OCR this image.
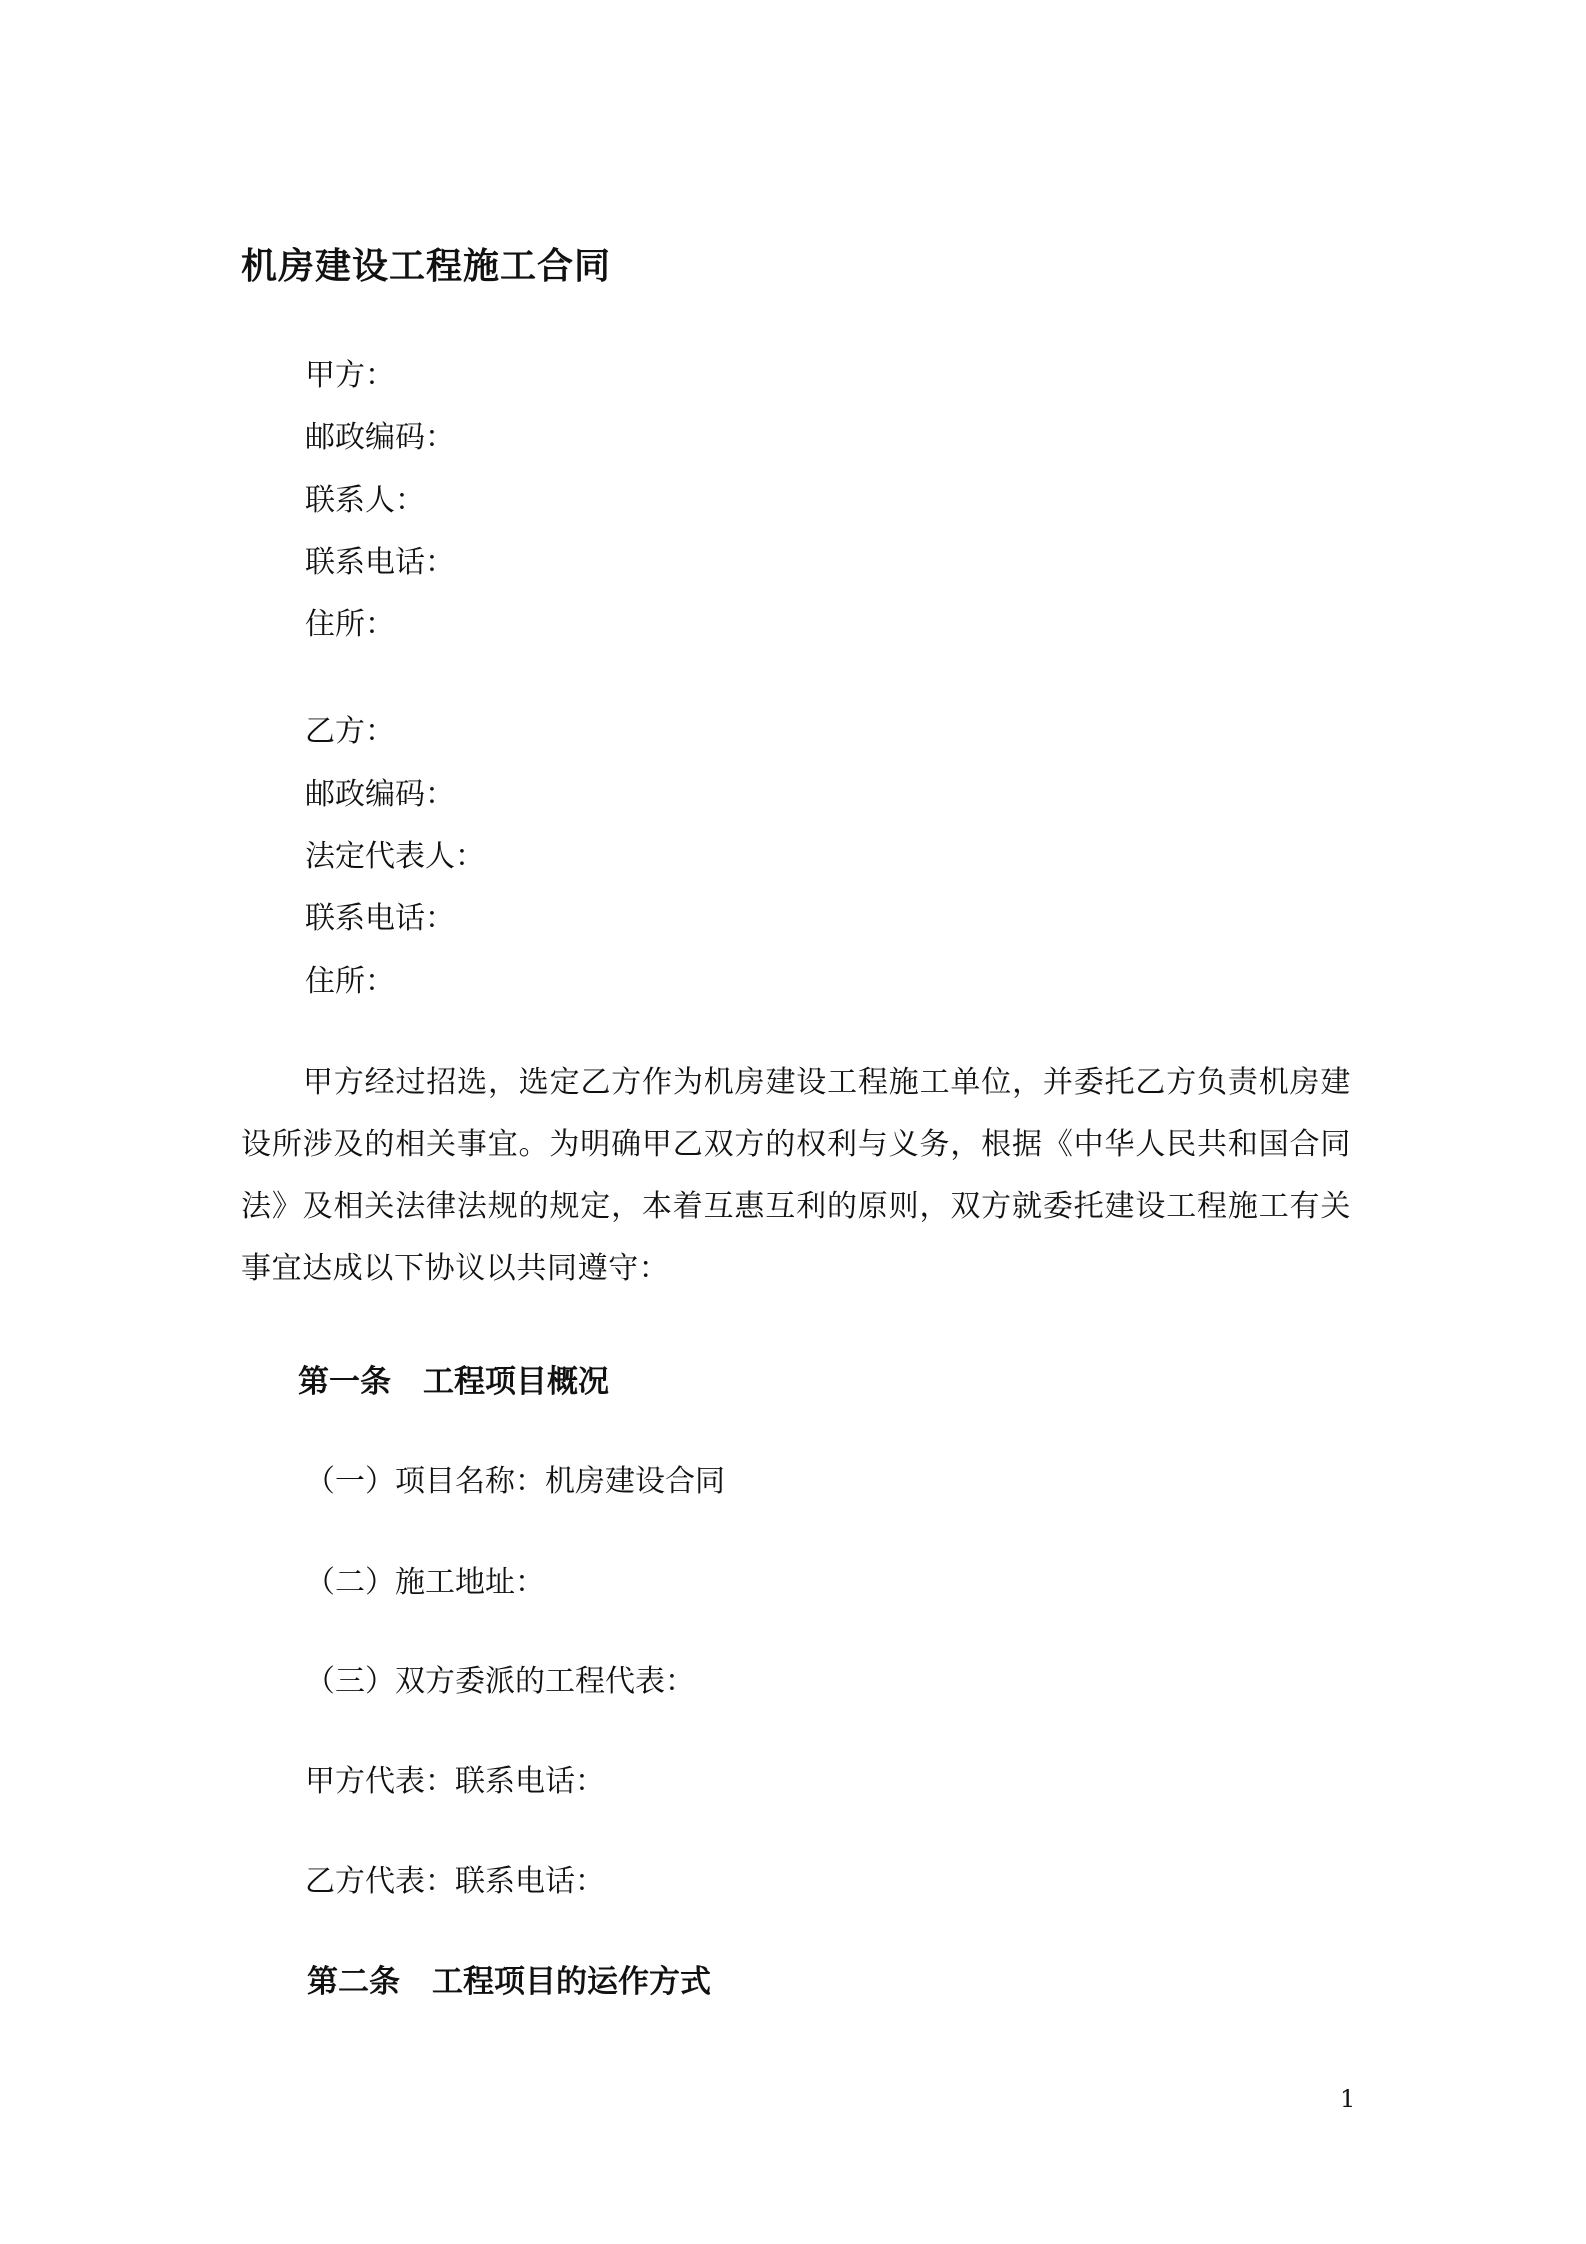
机房建设工程施工合同
甲方：
邮政编码：
联系人：
联系电话：
住所：
乙方：
邮政编码：
法定代表人：
联系电话：
住所：
甲方经过招选，选定乙方作为机房建设工程施工单位，并委托乙方负责机房建设所涉及的相关事宜。为明确甲乙双方的权利与义务，根据《中华人民共和国合同法》及相关法律法规的规定，本着互惠互利的原则，双方就委托建设工程施工有关事宜达成以下协议以共同遵守：
第一条 工程项目概况
（一）项目名称：机房建设合同
（二）施工地址：
（三）双方委派的工程代表：
甲方代表：联系电话：
乙方代表：联系电话：
第二条 工程项目的运作方式
1
